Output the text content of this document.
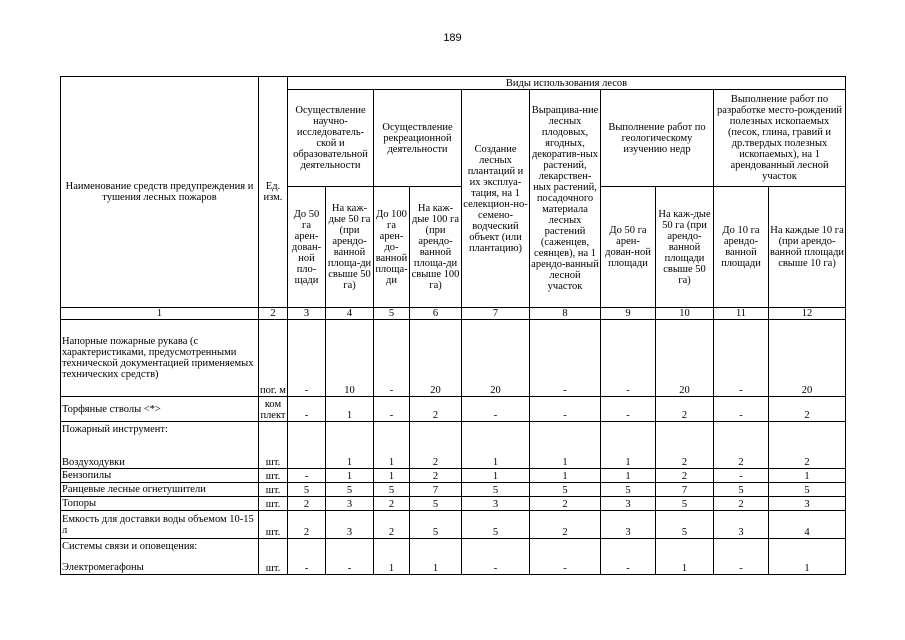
189
Наименование средств предупреждения и тушения лесных пожаров	Ед. изм.	Виды использования лесов									
		Осуществление научно-исследователь-ской и образовательной деятельности		Осуществление рекреационной деятельности		Создание лесных плантаций и их эксплуа-тация, на 1 селекцион-но-семено-водческий объект (или плантацию)	Выращива-ние лесных плодовых, ягодных, декоратив-ных растений, лекарствен-ных растений, посадочного материала лесных растений (саженцев, сеянцев), на 1 арендо-ванный лесной участок	Выполнение работ по геологическому изучению недр		Выполнение работ по разработке место-рождений полезных ископаемых (песок, глина, гравий и др.твердых полезных ископаемых), на 1 арендованный лесной участок	
		До 50 га арен-дован-ной пло-щади	На каж-дые 50 га (при арендо-ванной площа-ди свыше 50 га)	До 100 га арен-до-ванной площа-ди	На каж-дые 100 га (при арендо-ванной площа-ди свыше 100 га)			До 50 га арен-дован-ной площади	На каж-дые 50 га (при арендо-ванной площади свыше 50 га)	До 10 га арендо-ванной площади	На каждые 10 га (при арендо-ванной площади свыше 10 га)
1	2	3	4	5	6	7	8	9	10	11	12
Напорные пожарные рукава (с характеристиками, предусмотренными технической документацией применяемых технических средств)	пог. м	-	10	-	20	20	-	-	20	-	20
Торфяные стволы <*>	ком плект	-	1	-	2	-	-	-	2	-	2

Пожарный инструмент:
Воздуходувки	шт.		1	1	2	1	1	1	2	2	2
Бензопилы	шт.	-	1	1	2	1	1	1	2	-	1
Ранцевые лесные огнетушители	шт.	5	5	5	7	5	5	5	7	5	5
Топоры	шт.	2	3	2	5	3	2	3	5	2	3
Емкость для доставки воды объемом 10-15 л	шт.	2	3	2	5	5	2	3	5	3	4

Системы связи и оповещения:
Электромегафоны	шт.	-	-	1	1	-	-	-	1	-	1
